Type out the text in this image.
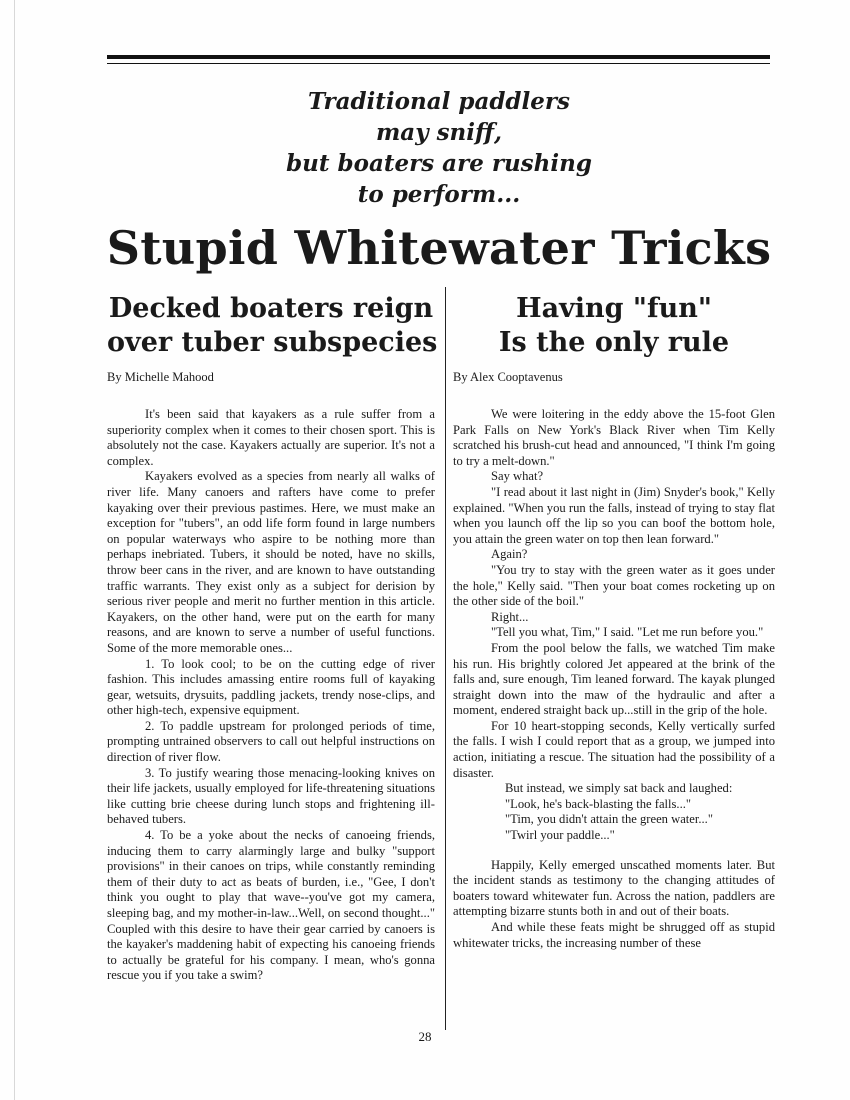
Traditional paddlers
may sniff,
but boaters are rushing
to perform...
Stupid Whitewater Tricks
Decked boaters reign
over tuber subspecies
By Michelle Mahood

It's been said that kayakers as a rule suffer from a superiority complex when it comes to their chosen sport. This is absolutely not the case. Kayakers actually are superior. It's not a complex.

Kayakers evolved as a species from nearly all walks of river life. Many canoers and rafters have come to prefer kayaking over their previous pastimes. Here, we must make an exception for "tubers", an odd life form found in large numbers on popular waterways who aspire to be nothing more than perhaps inebriated. Tubers, it should be noted, have no skills, throw beer cans in the river, and are known to have outstanding traffic warrants. They exist only as a subject for derision by serious river people and merit no further mention in this article. Kayakers, on the other hand, were put on the earth for many reasons, and are known to serve a number of useful functions. Some of the more memorable ones...

1. To look cool; to be on the cutting edge of river fashion. This includes amassing entire rooms full of kayaking gear, wetsuits, drysuits, paddling jackets, trendy nose-clips, and other high-tech, expensive equipment.

2. To paddle upstream for prolonged periods of time, prompting untrained observers to call out helpful instructions on direction of river flow.

3. To justify wearing those menacing-looking knives on their life jackets, usually employed for life-threatening situations like cutting brie cheese during lunch stops and frightening ill-behaved tubers.

4. To be a yoke about the necks of canoeing friends, inducing them to carry alarmingly large and bulky "support provisions" in their canoes on trips, while constantly reminding them of their duty to act as beats of burden, i.e., "Gee, I don't think you ought to play that wave--you've got my camera, sleeping bag, and my mother-in-law...Well, on second thought..." Coupled with this desire to have their gear carried by canoers is the kayaker's maddening habit of expecting his canoeing friends to actually be grateful for his company. I mean, who's gonna rescue you if you take a swim?

Having "fun"
Is the only rule
By Alex Cooptavenus

We were loitering in the eddy above the 15-foot Glen Park Falls on New York's Black River when Tim Kelly scratched his brush-cut head and announced, "I think I'm going to try a melt-down."

Say what?

"I read about it last night in (Jim) Snyder's book," Kelly explained. "When you run the falls, instead of trying to stay flat when you launch off the lip so you can boof the bottom hole, you attain the green water on top then lean forward."

Again?

"You try to stay with the green water as it goes under the hole," Kelly said. "Then your boat comes rocketing up on the other side of the boil."

Right...

"Tell you what, Tim," I said. "Let me run before you."

From the pool below the falls, we watched Tim make his run. His brightly colored Jet appeared at the brink of the falls and, sure enough, Tim leaned forward. The kayak plunged straight down into the maw of the hydraulic and after a moment, endered straight back up...still in the grip of the hole.

For 10 heart-stopping seconds, Kelly vertically surfed the falls. I wish I could report that as a group, we jumped into action, initiating a rescue. The situation had the possibility of a disaster.

But instead, we simply sat back and laughed:

"Look, he's back-blasting the falls..."

"Tim, you didn't attain the green water..."

"Twirl your paddle..."

Happily, Kelly emerged unscathed moments later. But the incident stands as testimony to the changing attitudes of boaters toward whitewater fun. Across the nation, paddlers are attempting bizarre stunts both in and out of their boats.

And while these feats might be shrugged off as stupid whitewater tricks, the increasing number of these

28
